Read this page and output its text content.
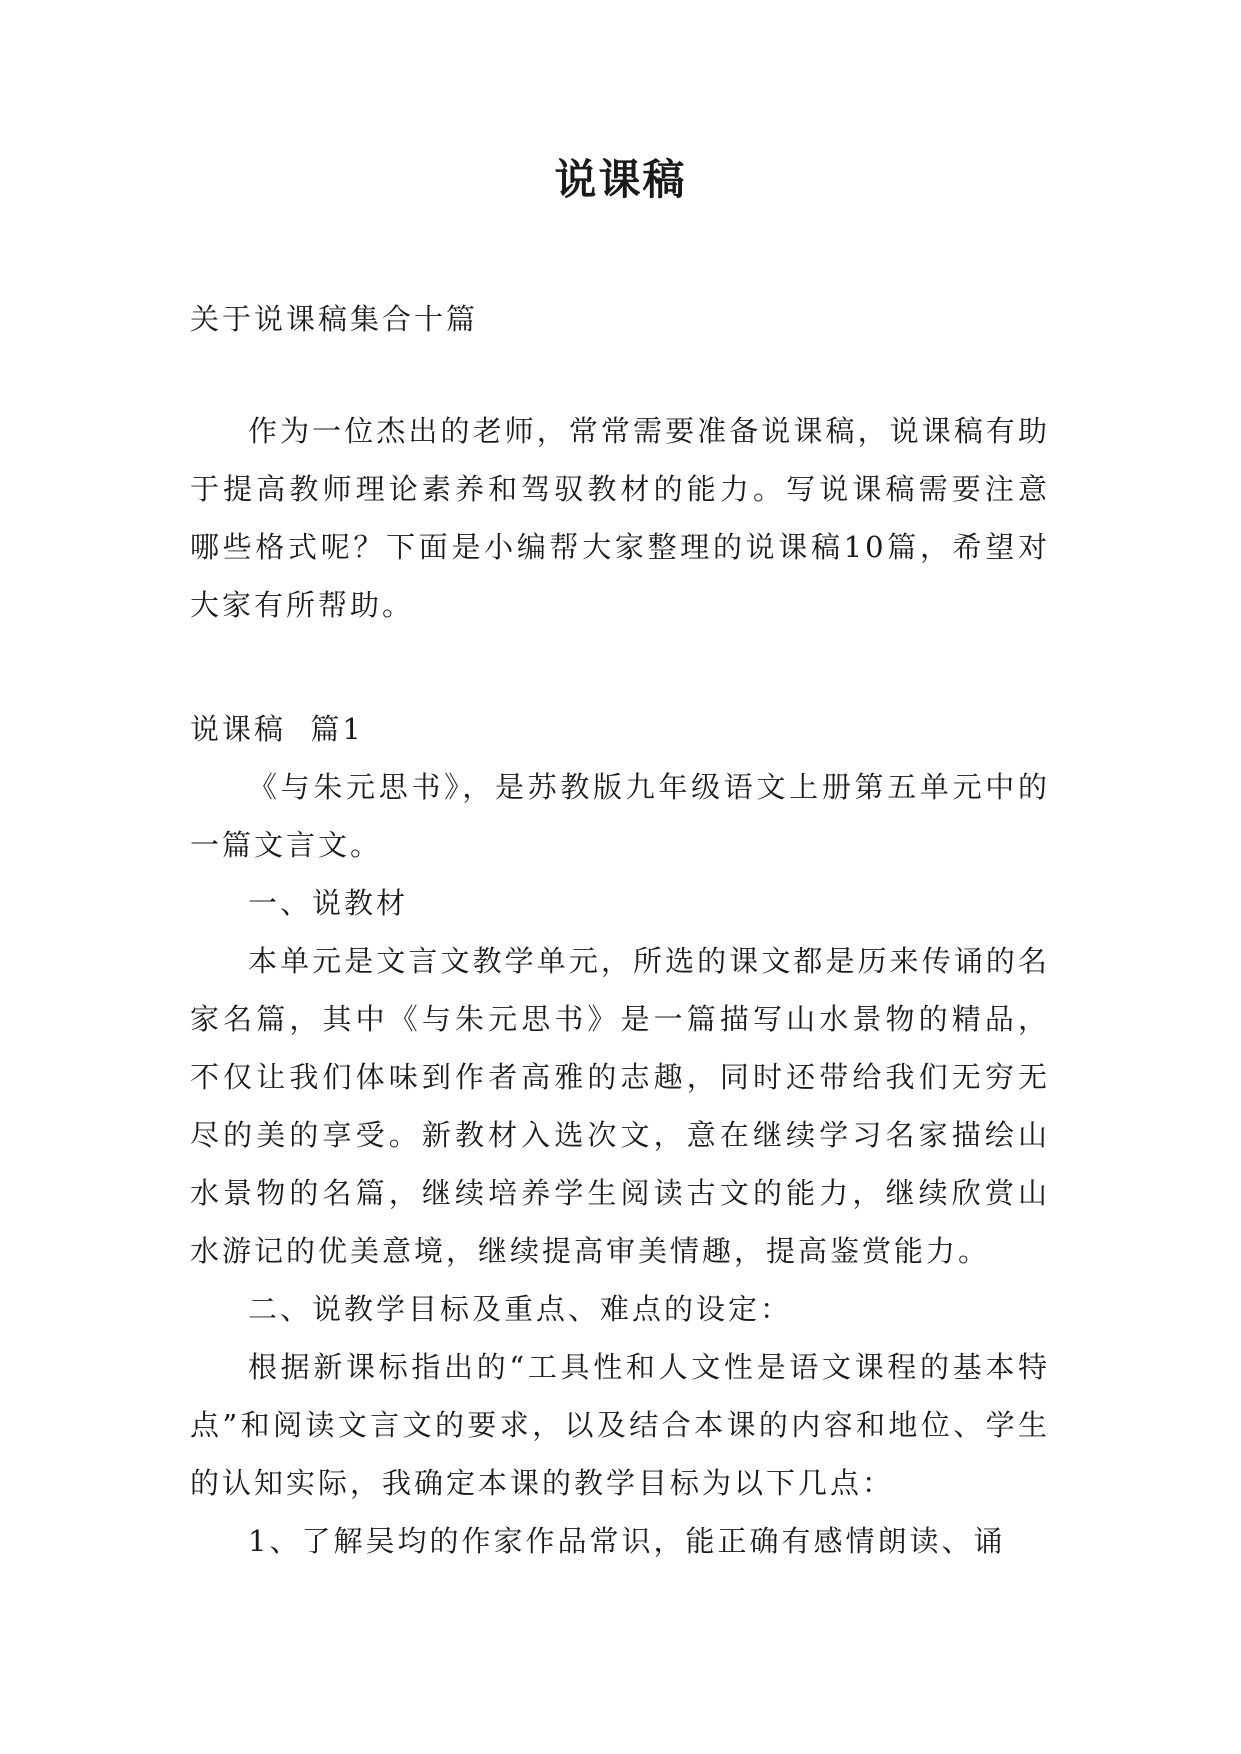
说课稿
关于说课稿集合十篇
作为一位杰出的老师，常常需要准备说课稿，说课稿有助于提高教师理论素养和驾驭教材的能力。写说课稿需要注意哪些格式呢？下面是小编帮大家整理的说课稿10篇，希望对大家有所帮助。
说课稿  篇1

《与朱元思书》，是苏教版九年级语文上册第五单元中的一篇文言文。

一、说教材

本单元是文言文教学单元，所选的课文都是历来传诵的名家名篇，其中《与朱元思书》是一篇描写山水景物的精品，不仅让我们体味到作者高雅的志趣，同时还带给我们无穷无尽的美的享受。新教材入选次文，意在继续学习名家描绘山水景物的名篇，继续培养学生阅读古文的能力，继续欣赏山水游记的优美意境，继续提高审美情趣，提高鉴赏能力。

二、说教学目标及重点、难点的设定：

根据新课标指出的“工具性和人文性是语文课程的基本特点”和阅读文言文的要求，以及结合本课的内容和地位、学生的认知实际，我确定本课的教学目标为以下几点：

1、了解吴均的作家作品常识，能正确有感情朗读、诵
